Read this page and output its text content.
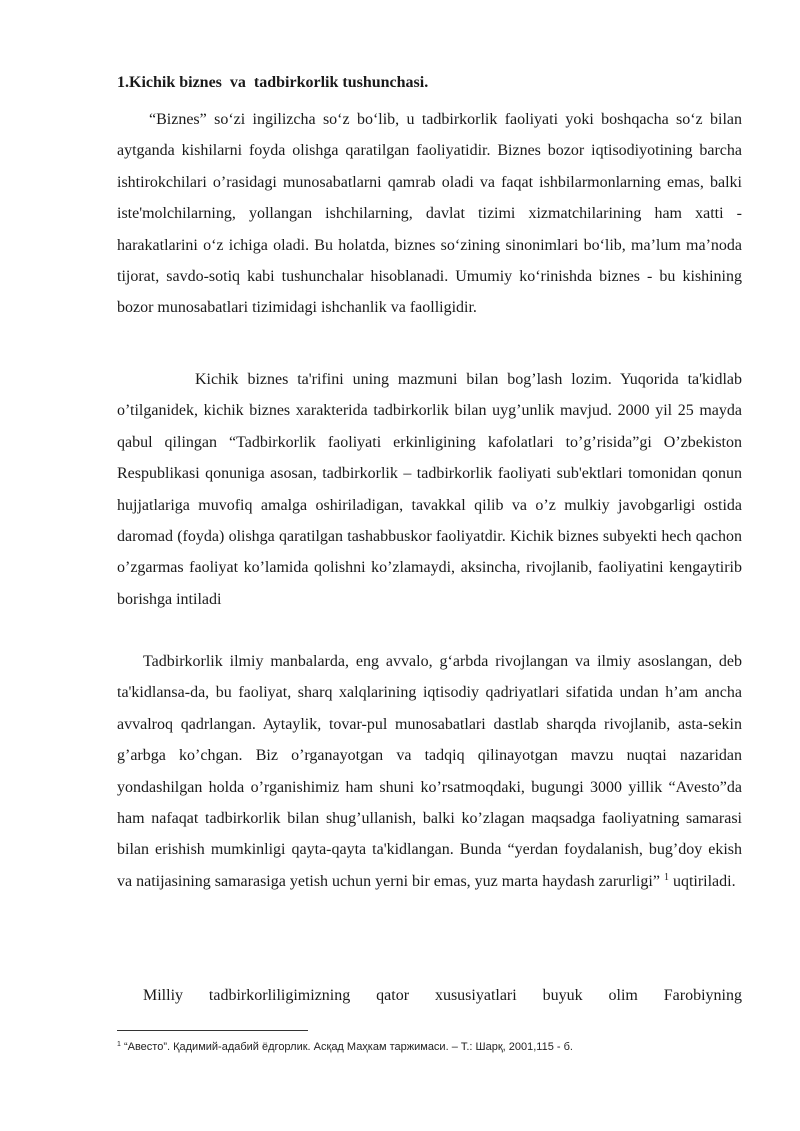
1.Kichik biznes  va  tadbirkorlik tushunchasi.

“Biznes” so‘zi ingilizcha so‘z bo‘lib, u tadbirkorlik faoliyati yoki boshqacha so‘z bilan aytganda kishilarni foyda olishga qaratilgan faoliyatidir. Biznes bozor iqtisodiyotining barcha ishtirokchilari o’rasidagi munosabatlarni qamrab oladi va faqat ishbilarmonlarning emas, balki iste'molchilarning, yollangan ishchilarning, davlat tizimi xizmatchilarining ham xatti - harakatlarini o‘z ichiga oladi. Bu holatda, biznes so‘zining sinonimlari bo‘lib, ma’lum ma’noda tijorat, savdo-sotiq kabi tushunchalar hisoblanadi. Umumiy ko‘rinishda biznes - bu kishining bozor munosabatlari tizimidagi ishchanlik va faolligidir.

Kichik biznes ta'rifini uning mazmuni bilan bog’lash lozim. Yuqorida ta'kidlab o’tilganidek, kichik biznes xarakterida tadbirkorlik bilan uyg’unlik mavjud. 2000 yil 25 mayda qabul qilingan “Tadbirkorlik faoliyati erkinligining kafolatlari to’g’risida”gi O’zbekiston Respublikasi qonuniga asosan, tadbirkorlik – tadbirkorlik faoliyati sub'ektlari tomonidan qonun hujjatlariga muvofiq amalga oshiriladigan, tavakkal qilib va o’z mulkiy javobgarligi ostida daromad (foyda) olishga qaratilgan tashabbuskor faoliyatdir. Kichik biznes subyekti hech qachon o’zgarmas faoliyat ko’lamida qolishni ko’zlamaydi, aksincha, rivojlanib, faoliyatini kengaytirib borishga intiladi

Tadbirkorlik ilmiy manbalarda, eng avvalo, g‘arbda rivojlangan va ilmiy asoslangan, deb ta'kidlansa-da, bu faoliyat, sharq xalqlarining iqtisodiy qadriyatlari sifatida undan h’am ancha avvalroq qadrlangan. Aytaylik, tovar-pul munosabatlari dastlab sharqda rivojlanib, asta-sekin g’arbga ko’chgan. Biz o’rganayotgan va tadqiq qilinayotgan mavzu nuqtai nazaridan yondashilgan holda o’rganishimiz ham shuni ko’rsatmoqdaki, bugungi 3000 yillik “Avesto”da ham nafaqat tadbirkorlik bilan shug’ullanish, balki ko’zlagan maqsadga faoliyatning samarasi bilan erishish mumkinligi qayta-qayta ta'kidlangan. Bunda “yerdan foydalanish, bug’doy ekish va natijasining samarasiga yetish uchun yerni bir emas, yuz marta haydash zarurligi” $^1$ uqtiriladi.

Milliy tadbirkorliligimizning qator xususiyatlari buyuk olim Farobiyning

$^1$ “Авесто”. Қадимий-адабий ёдгорлик. Асқад Маҳкам таржимаси. – Т.: Шарқ, 2001,115 - б.
